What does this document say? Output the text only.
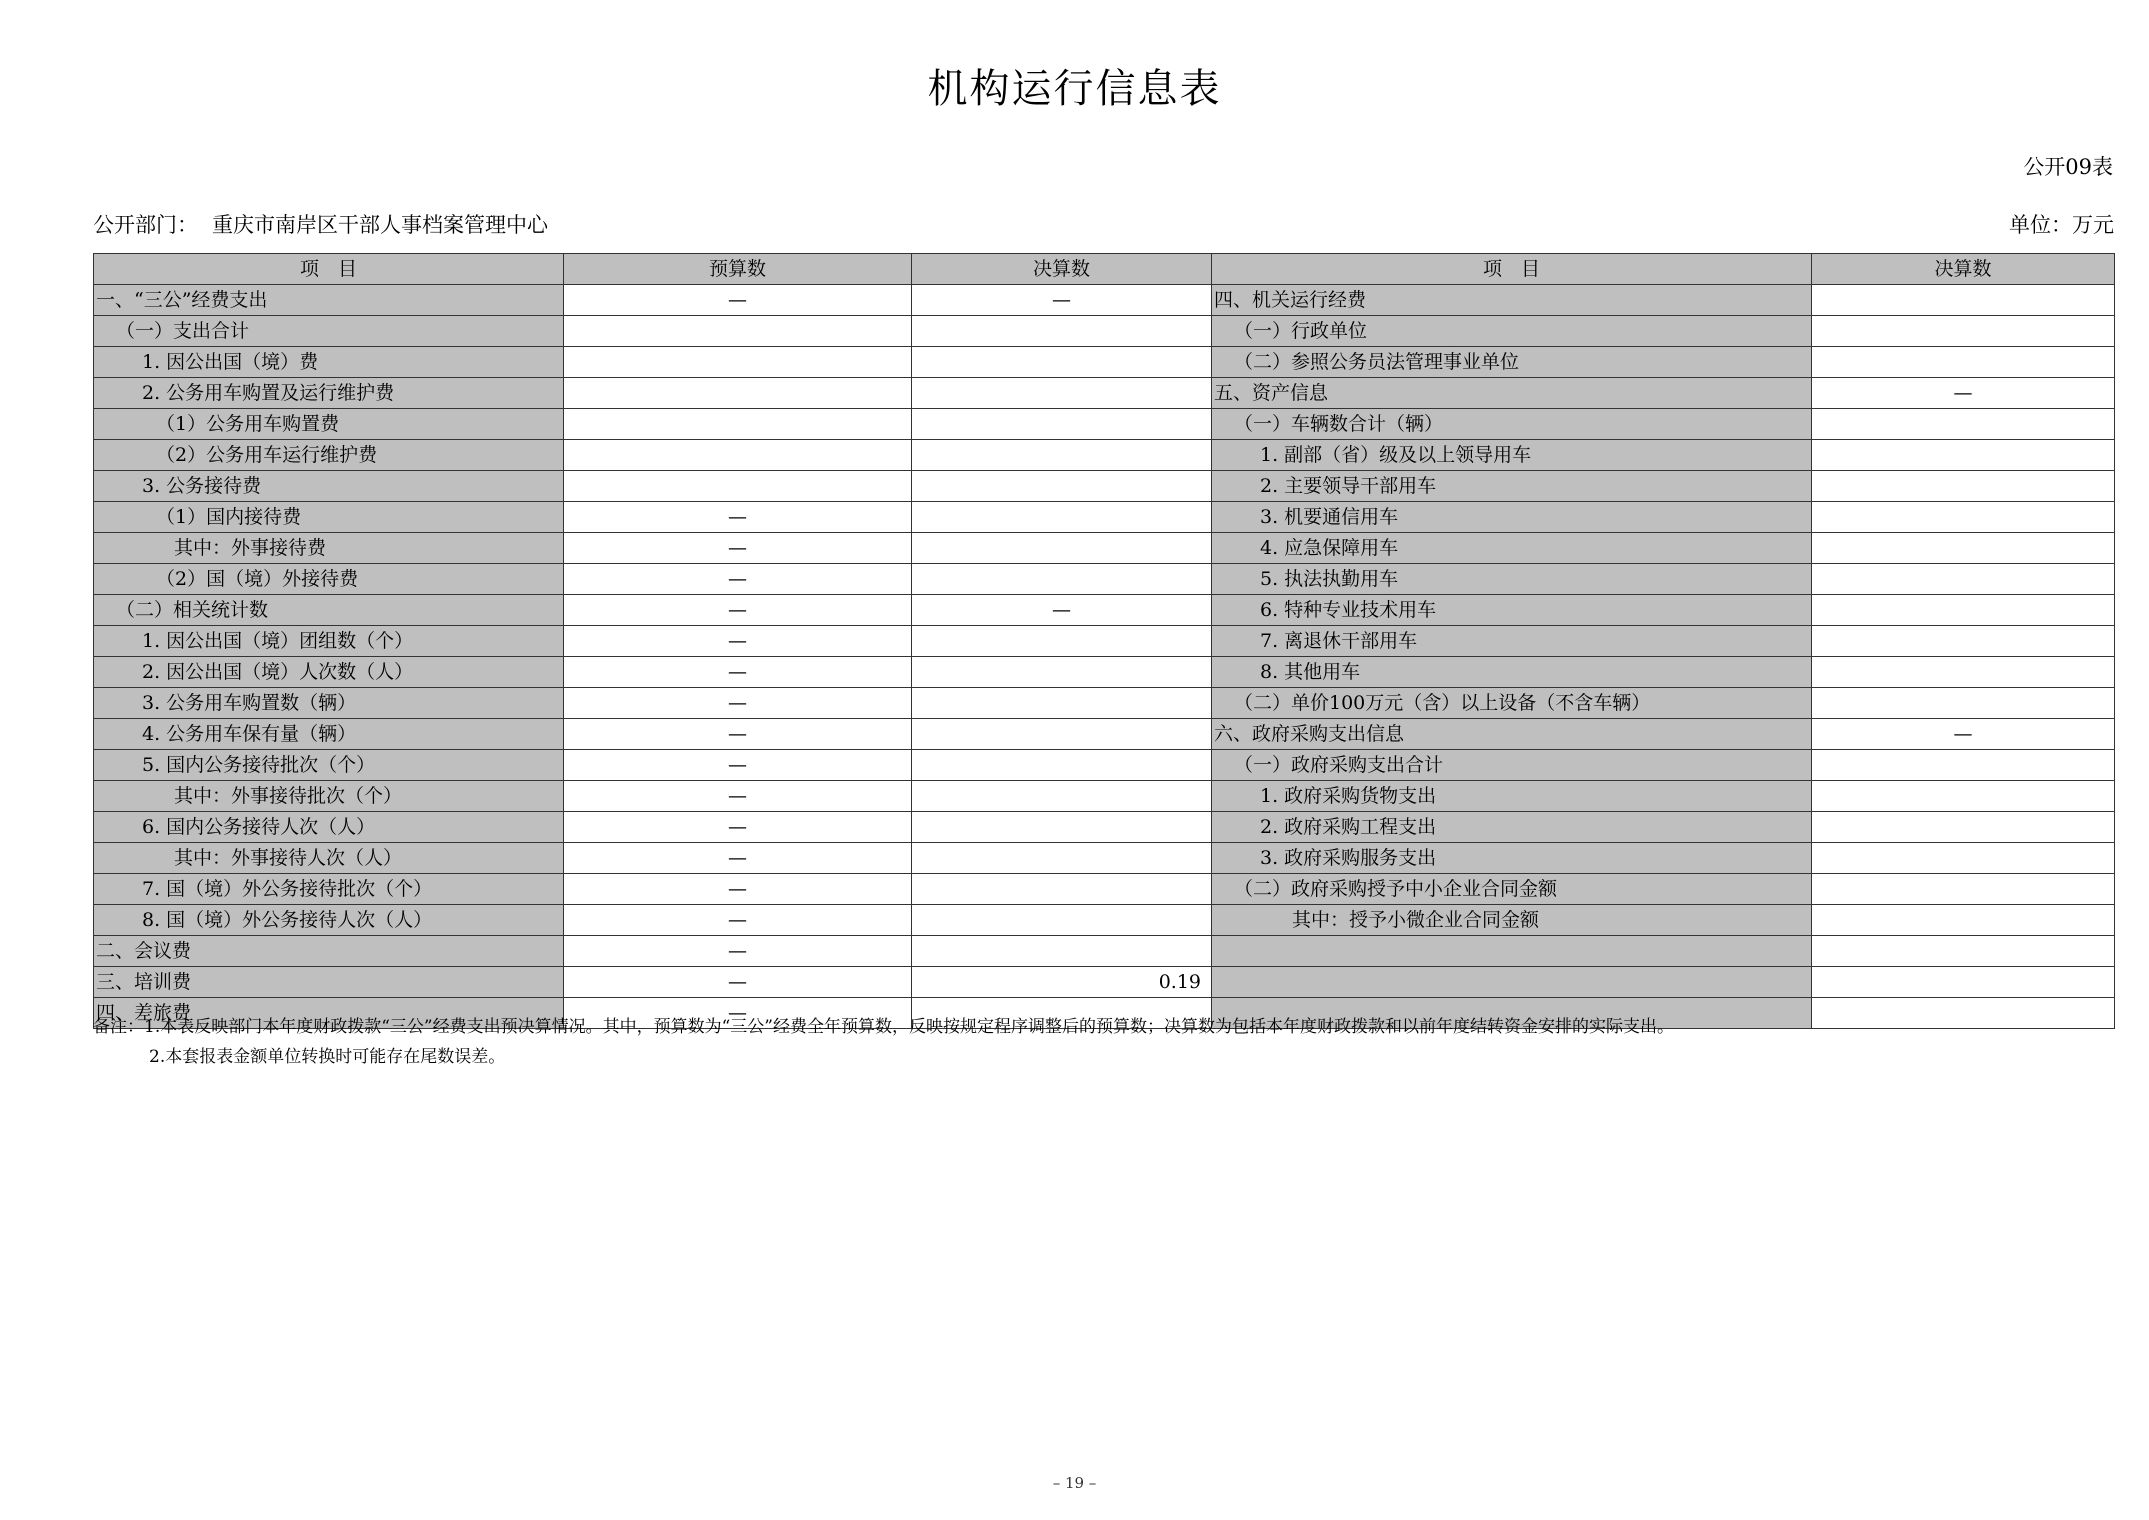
机构运行信息表
公开09表
公开部门： 重庆市南岸区干部人事档案管理中心	单位：万元
项　目	预算数	决算数	项　目	决算数
一、“三公”经费支出	—	—	四、机关运行经费	
（一）支出合计			（一）行政单位	
1. 因公出国（境）费			（二）参照公务员法管理事业单位	
2. 公务用车购置及运行维护费			五、资产信息	—
（1）公务用车购置费			（一）车辆数合计（辆）	
（2）公务用车运行维护费			1. 副部（省）级及以上领导用车	
3. 公务接待费			2. 主要领导干部用车	
（1）国内接待费	—		3. 机要通信用车	
其中：外事接待费	—		4. 应急保障用车	
（2）国（境）外接待费	—		5. 执法执勤用车	
（二）相关统计数	—	—	6. 特种专业技术用车	
1. 因公出国（境）团组数（个）	—		7. 离退休干部用车	
2. 因公出国（境）人次数（人）	—		8. 其他用车	
3. 公务用车购置数（辆）	—		（二）单价100万元（含）以上设备（不含车辆）	
4. 公务用车保有量（辆）	—		六、政府采购支出信息	—
5. 国内公务接待批次（个）	—		（一）政府采购支出合计	
其中：外事接待批次（个）	—		1. 政府采购货物支出	
6. 国内公务接待人次（人）	—		2. 政府采购工程支出	
其中：外事接待人次（人）	—		3. 政府采购服务支出	
7. 国（境）外公务接待批次（个）	—		（二）政府采购授予中小企业合同金额	
8. 国（境）外公务接待人次（人）	—		其中：授予小微企业合同金额	
二、会议费	—			
三、培训费	—	0.19		
四、差旅费	—			
备注：1.本表反映部门本年度财政拨款“三公”经费支出预决算情况。其中，预算数为“三公”经费全年预算数，反映按规定程序调整后的预算数；决算数为包括本年度财政拨款和以前年度结转资金安排的实际支出。
2.本套报表金额单位转换时可能存在尾数误差。
– 19 –
